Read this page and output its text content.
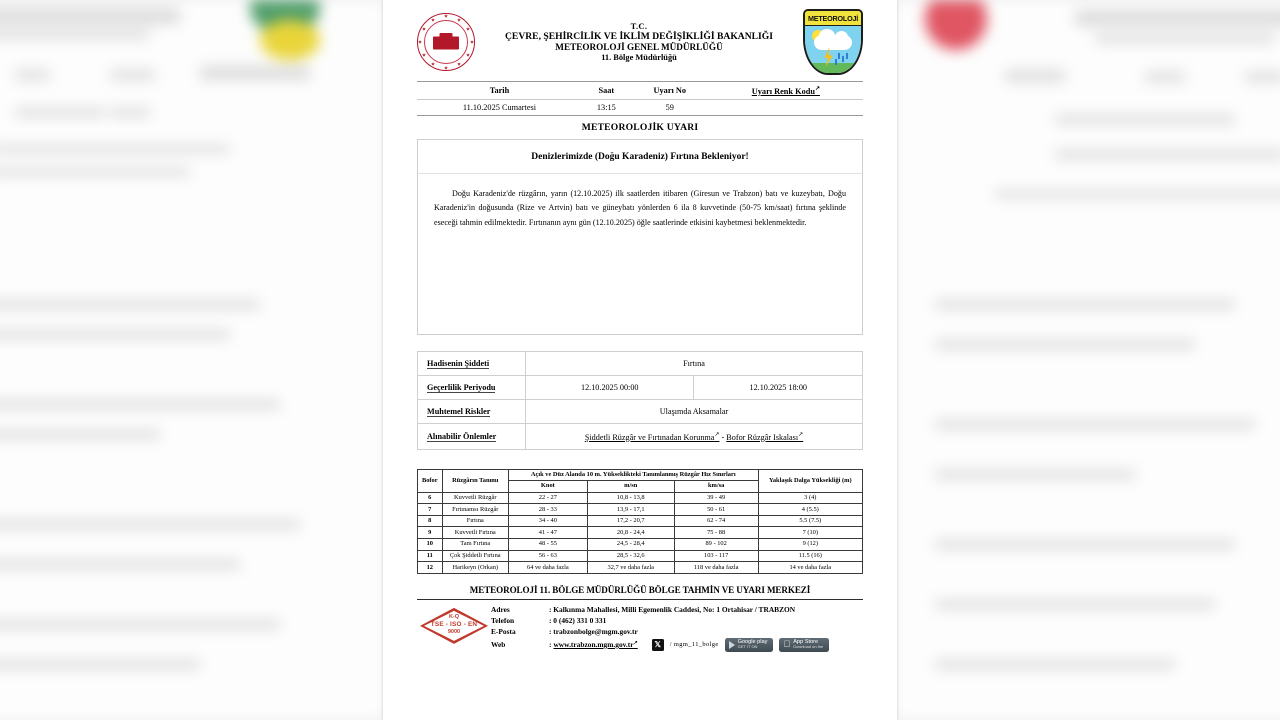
T.C.
ÇEVRE, ŞEHİRCİLİK VE İKLİM DEĞİŞİKLİĞİ BAKANLIĞI
METEOROLOJİ GENEL MÜDÜRLÜĞÜ
11. Bölge Müdürlüğü
METEOROLOJİ
Tarih	Saat	Uyarı No	Uyarı Renk Kodu ↗
11.10.2025 Cumartesi	13:15	59	
METEOROLOJİK UYARI
Denizlerimizde (Doğu Karadeniz) Fırtına Bekleniyor!
Doğu Karadeniz'de rüzgârın, yarın (12.10.2025) ilk saatlerden itibaren (Giresun ve Trabzon) batı ve kuzeybatı, Doğu Karadeniz'in doğusunda (Rize ve Artvin) batı ve güneybatı yönlerden 6 ila 8 kuvvetinde (50-75 km/saat) fırtına şeklinde eseceği tahmin edilmektedir. Fırtınanın aynı gün (12.10.2025) öğle saatlerinde etkisini kaybetmesi beklenmektedir.
Hadisenin Şiddeti	Fırtına	
Geçerlilik Periyodu	12.10.2025 00:00	12.10.2025 18:00
Muhtemel Riskler	Ulaşımda Aksamalar	
Alınabilir Önlemler	Şiddetli Rüzgâr ve Fırtınadan Korunma ↗ - Bofor Rüzgâr Iskalası ↗
Bofor	Rüzgârın Tanımı	Açık ve Düz Alanda 10 m. Yükseklikteki Tanımlanmış Rüzgâr Hız Sınırları			Yaklaşık Dalga Yüksekliği (m)
		Knot	m/sn	km/sa	
6	Kuvvetli Rüzgâr	22 - 27	10,8 - 13,8	39 - 49	3 (4)
7	Fırtınamsı Rüzgâr	28 - 33	13,9 - 17,1	50 - 61	4 (5.5)
8	Fırtına	34 - 40	17,2 - 20,7	62 - 74	5.5 (7.5)
9	Kuvvetli Fırtına	41 - 47	20,8 - 24,4	75 - 88	7 (10)
10	Tam Fırtına	48 - 55	24,5 - 28,4	89 - 102	9 (12)
11	Çok Şiddetli Fırtına	56 - 63	28,5 - 32,6	103 - 117	11.5 (16)
12	Harikeyn (Orkan)	64 ve daha fazla	32,7 ve daha fazla	118 ve daha fazla	14 ve daha fazla
METEOROLOJİ 11. BÖLGE MÜDÜRLÜĞÜ BÖLGE TAHMİN VE UYARI MERKEZİ
K-Q
TSE - ISO - EN
9000
Adres	: Kalkınma Mahallesi, Milli Egemenlik Caddesi, No: 1 Ortahisar / TRABZON
Telefon	: 0 (462) 331 0 331
E-Posta	: trabzonbolge@mgm.gov.tr
Web	: www.trabzon.mgm.gov.tr ↗	𝕏	/ mgm_11_bolge	Google play
GET IT ON
App Store
Download on the
